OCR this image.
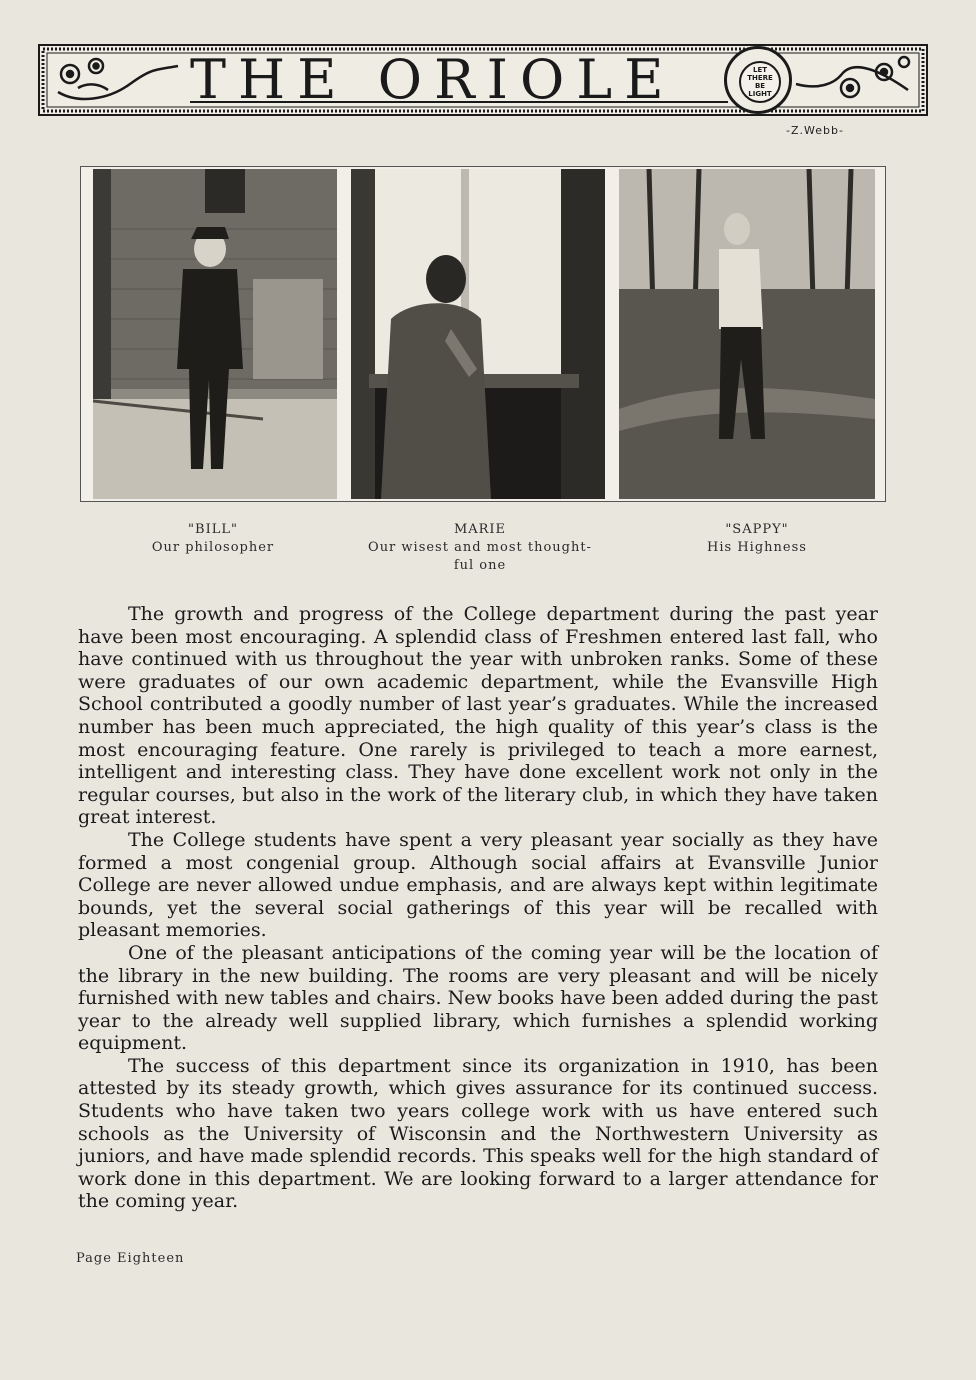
THE ORIOLE	LET
THERE BE
LIGHT
-Z.Webb-
"BILL"
Our philosopher
MARIE
Our wisest and most thought-
ful one
"SAPPY"
His Highness

The growth and progress of the College department during the past year have been most encouraging. A splendid class of Freshmen entered last fall, who have continued with us throughout the year with unbroken ranks. Some of these were graduates of our own academic department, while the Evansville High School contributed a goodly number of last year’s graduates. While the increased number has been much appreciated, the high quality of this year’s class is the most encouraging feature. One rarely is privileged to teach a more earnest, intelligent and interesting class. They have done excellent work not only in the regular courses, but also in the work of the literary club, in which they have taken great interest.

The College students have spent a very pleasant year socially as they have formed a most congenial group. Although social affairs at Evansville Junior College are never allowed undue emphasis, and are always kept within legitimate bounds, yet the several social gatherings of this year will be recalled with pleasant memories.

One of the pleasant anticipations of the coming year will be the location of the library in the new building. The rooms are very pleasant and will be nicely furnished with new tables and chairs. New books have been added during the past year to the already well supplied library, which furnishes a splendid working equipment.

The success of this department since its organization in 1910, has been attested by its steady growth, which gives assurance for its continued success. Students who have taken two years college work with us have entered such schools as the University of Wisconsin and the Northwestern University as juniors, and have made splendid records. This speaks well for the high standard of work done in this department. We are looking forward to a larger attendance for the coming year.

Page Eighteen
